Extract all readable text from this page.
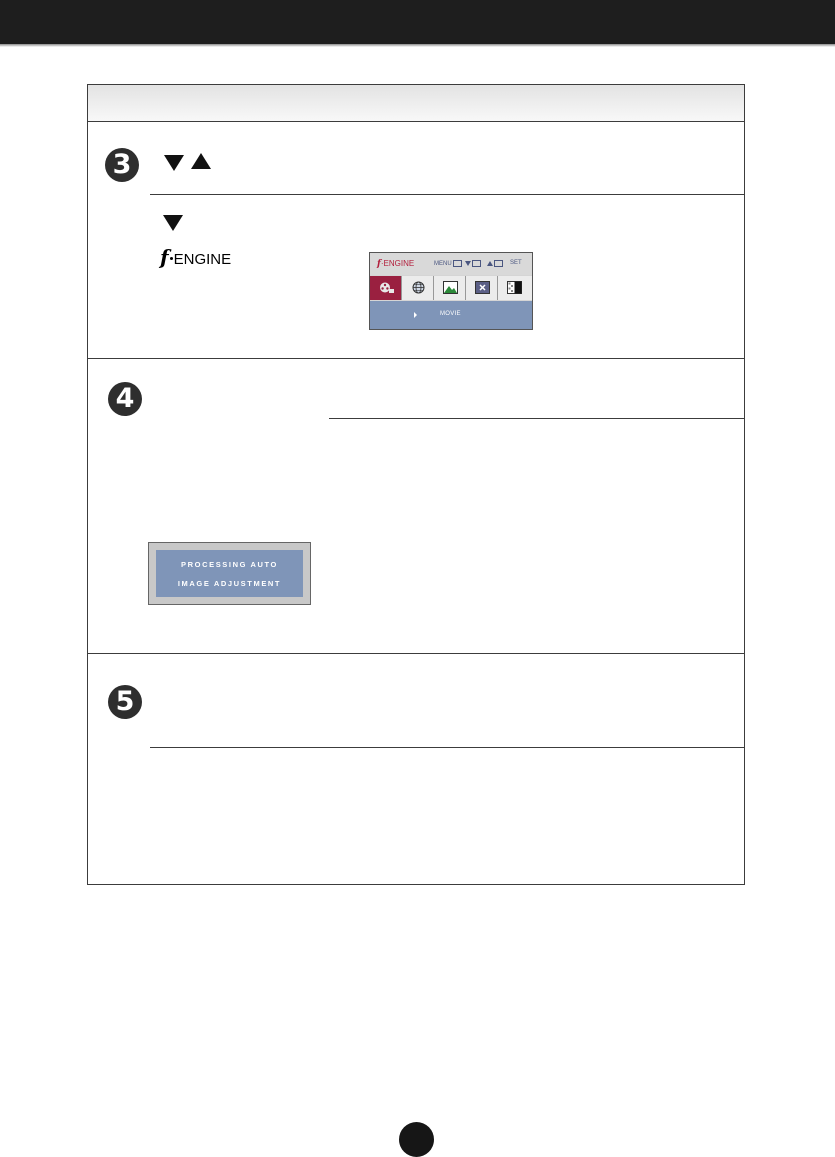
3
4
5
f ENGINE	f·ENGINE	MENU
	SET
MOVIE
PROCESSING AUTO
IMAGE ADJUSTMENT
